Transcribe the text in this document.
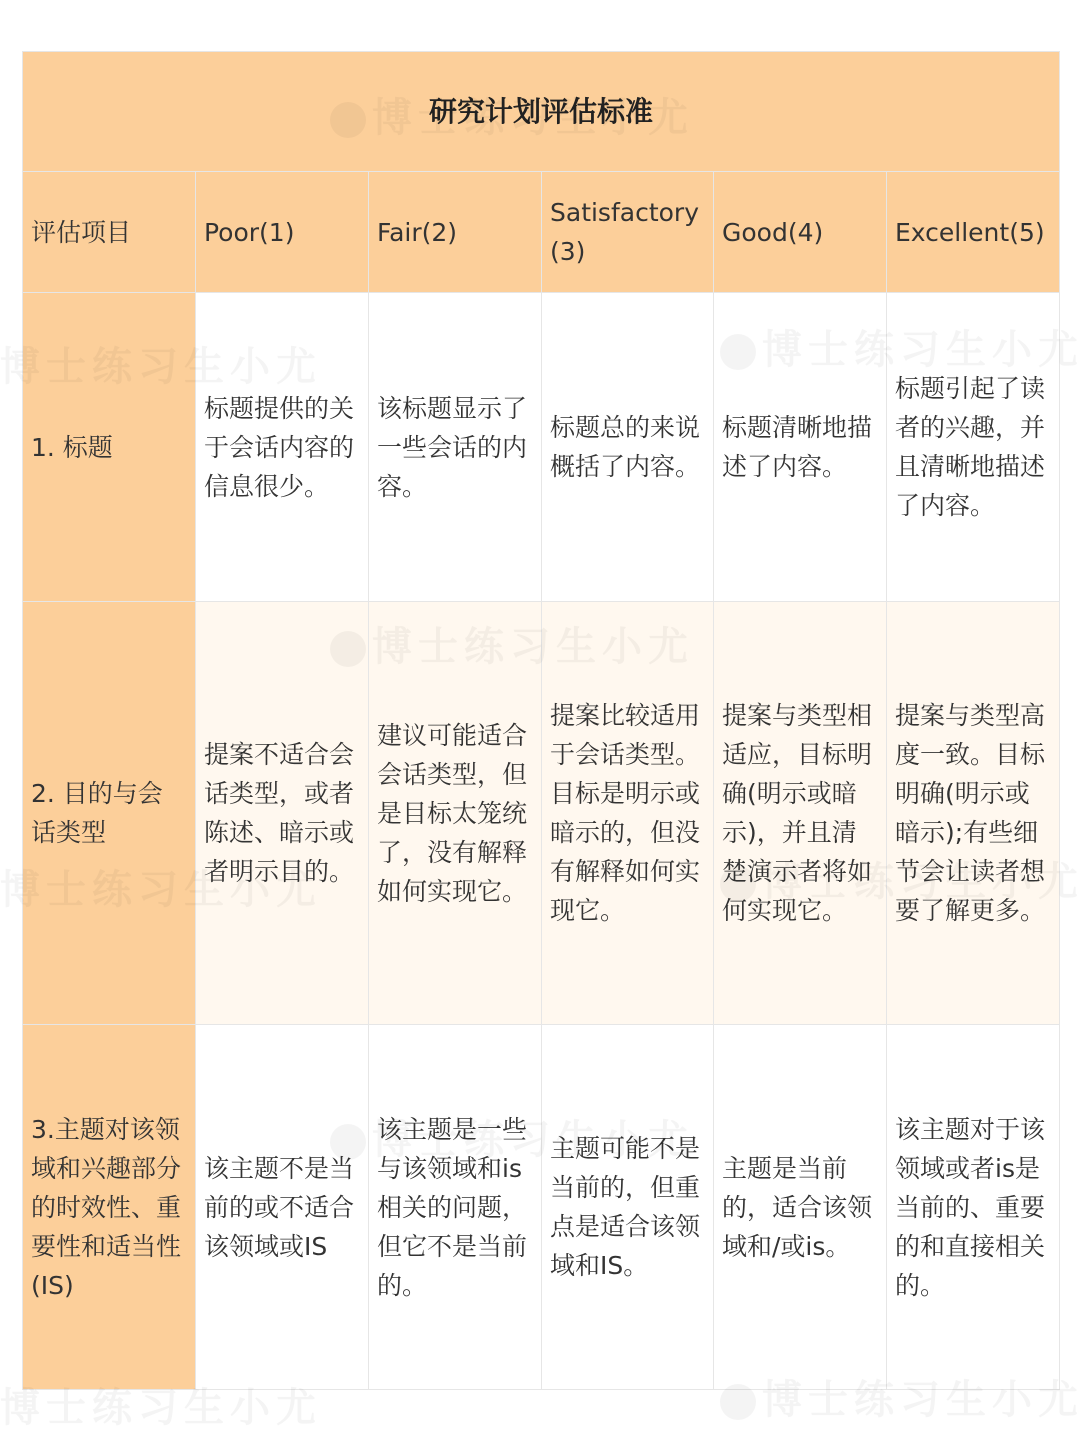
研究计划评估标准					
评估项目	Poor(1)	Fair(2)	Satisfactory (3)	Good(4)	Excellent(5)
1. 标题	标题提供的关于会话内容的信息很少。	该标题显示了一些会话的内容。	标题总的来说概括了内容。	标题清晰地描述了内容。	标题引起了读者的兴趣，并且清晰地描述了内容。
2. 目的与会话类型	提案不适合会话类型，或者陈述、暗示或者明示目的。	建议可能适合会话类型，但是目标太笼统了，没有解释如何实现它。	提案比较适用于会话类型。目标是明示或暗示的，但没有解释如何实现它。	提案与类型相适应，目标明确(明示或暗示)，并且清楚演示者将如何实现它。	提案与类型高度一致。目标明确(明示或暗示);有些细节会让读者想要了解更多。
3.主题对该领域和兴趣部分的时效性、重要性和适当性(IS)	该主题不是当前的或不适合该领域或IS	该主题是一些与该领域和is相关的问题，但它不是当前的。	主题可能不是当前的，但重点是适合该领域和IS。	主题是当前的，适合该领域和/或is。	该主题对于该领域或者is是当前的、重要的和直接相关的。
